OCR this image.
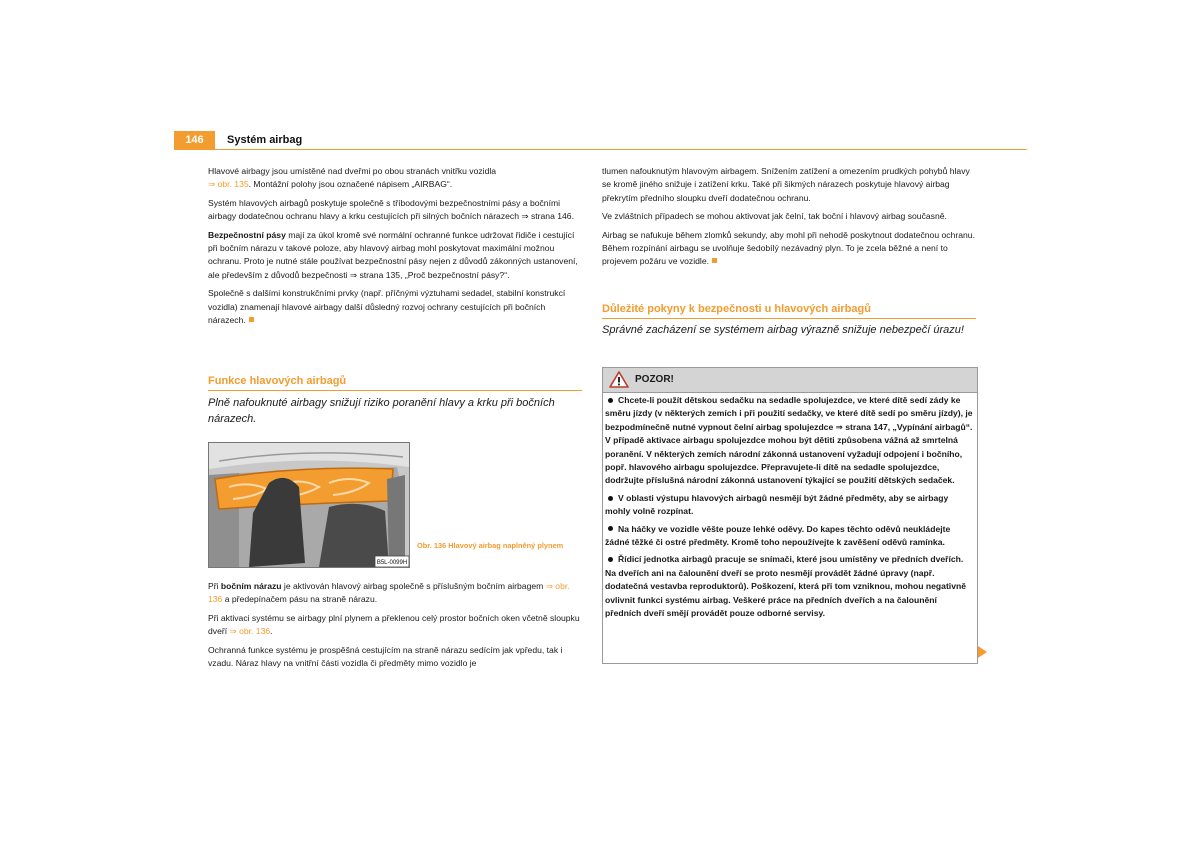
146	Systém airbag

Hlavové airbagy jsou umístěné nad dveřmi po obou stranách vnitřku vozidla
⇒ obr. 135. Montážní polohy jsou označené nápisem „AIRBAG“.

Systém hlavových airbagů poskytuje společně s tříbodovými bezpečnostními pásy a bočními airbagy dodatečnou ochranu hlavy a krku cestujících při silných bočních nárazech ⇒ strana 146.

Bezpečnostní pásy mají za úkol kromě své normální ochranné funkce udržovat řidiče i cestující při bočním nárazu v takové poloze, aby hlavový airbag mohl poskytovat maximální možnou ochranu. Proto je nutné stále používat bezpečnostní pásy nejen z důvodů zákonných ustanovení, ale především z důvodů bezpečnosti ⇒ strana 135, „Proč bezpečnostní pásy?“.

Společně s dalšími konstrukčními prvky (např. příčnými výztuhami sedadel, stabilní konstrukcí vozidla) znamenají hlavové airbagy další důsledný rozvoj ochrany cestujících při bočních nárazech.

Funkce hlavových airbagů
Plně nafouknuté airbagy snižují riziko poranění hlavy a krku při bočních nárazech.
B5L-0099H
Obr. 136 Hlavový airbag naplněný plynem

Při bočním nárazu je aktivován hlavový airbag společně s příslušným bočním airbagem ⇒ obr. 136 a předepínačem pásu na straně nárazu.

Při aktivaci systému se airbagy plní plynem a překlenou celý prostor bočních oken včetně sloupku dveří ⇒ obr. 136.

Ochranná funkce systému je prospěšná cestujícím na straně nárazu sedícím jak vpředu, tak i vzadu. Náraz hlavy na vnitřní části vozidla či předměty mimo vozidlo je

tlumen nafouknutým hlavovým airbagem. Snížením zatížení a omezením prudkých pohybů hlavy se kromě jiného snižuje i zatížení krku. Také při šikmých nárazech poskytuje hlavový airbag překrytím předního sloupku dveří dodatečnou ochranu.

Ve zvláštních případech se mohou aktivovat jak čelní, tak boční i hlavový airbag současně.

Airbag se nafukuje během zlomků sekundy, aby mohl při nehodě poskytnout dodatečnou ochranu. Během rozpínání airbagu se uvolňuje šedobílý nezávadný plyn. To je zcela běžné a není to projevem požáru ve vozidle.

Důležité pokyny k bezpečnosti u hlavových airbagů
Správné zacházení se systémem airbag výrazně snižuje nebezpečí úrazu!
POZOR!

Chcete-li použít dětskou sedačku na sedadle spolujezdce, ve které dítě sedí zády ke směru jízdy (v některých zemích i při použití sedačky, ve které dítě sedí po směru jízdy), je bezpodmínečně nutné vypnout čelní airbag spolujezdce ⇒ strana 147, „Vypínání airbagů“. V případě aktivace airbagu spolujezdce mohou být dětiti způsobena vážná až smrtelná poranění. V některých zemích národní zákonná ustanovení vyžadují odpojení i bočního, popř. hlavového airbagu spolujezdce. Přepravujete-li dítě na sedadle spolujezdce, dodržujte příslušná národní zákonná ustanovení týkající se použití dětských sedaček.

V oblasti výstupu hlavových airbagů nesmějí být žádné předměty, aby se airbagy mohly volně rozpínat.

Na háčky ve vozidle věšte pouze lehké oděvy. Do kapes těchto oděvů neukládejte žádné těžké či ostré předměty. Kromě toho nepoužívejte k zavěšení oděvů ramínka.

Řídicí jednotka airbagů pracuje se snímači, které jsou umístěny ve předních dveřích. Na dveřích ani na čalounění dveří se proto nesmějí provádět žádné úpravy (např. dodatečná vestavba reproduktorů). Poškození, která při tom vzniknou, mohou negativně ovlivnit funkci systému airbag. Veškeré práce na předních dveřích a na čalounění předních dveří smějí provádět pouze odborné servisy.
